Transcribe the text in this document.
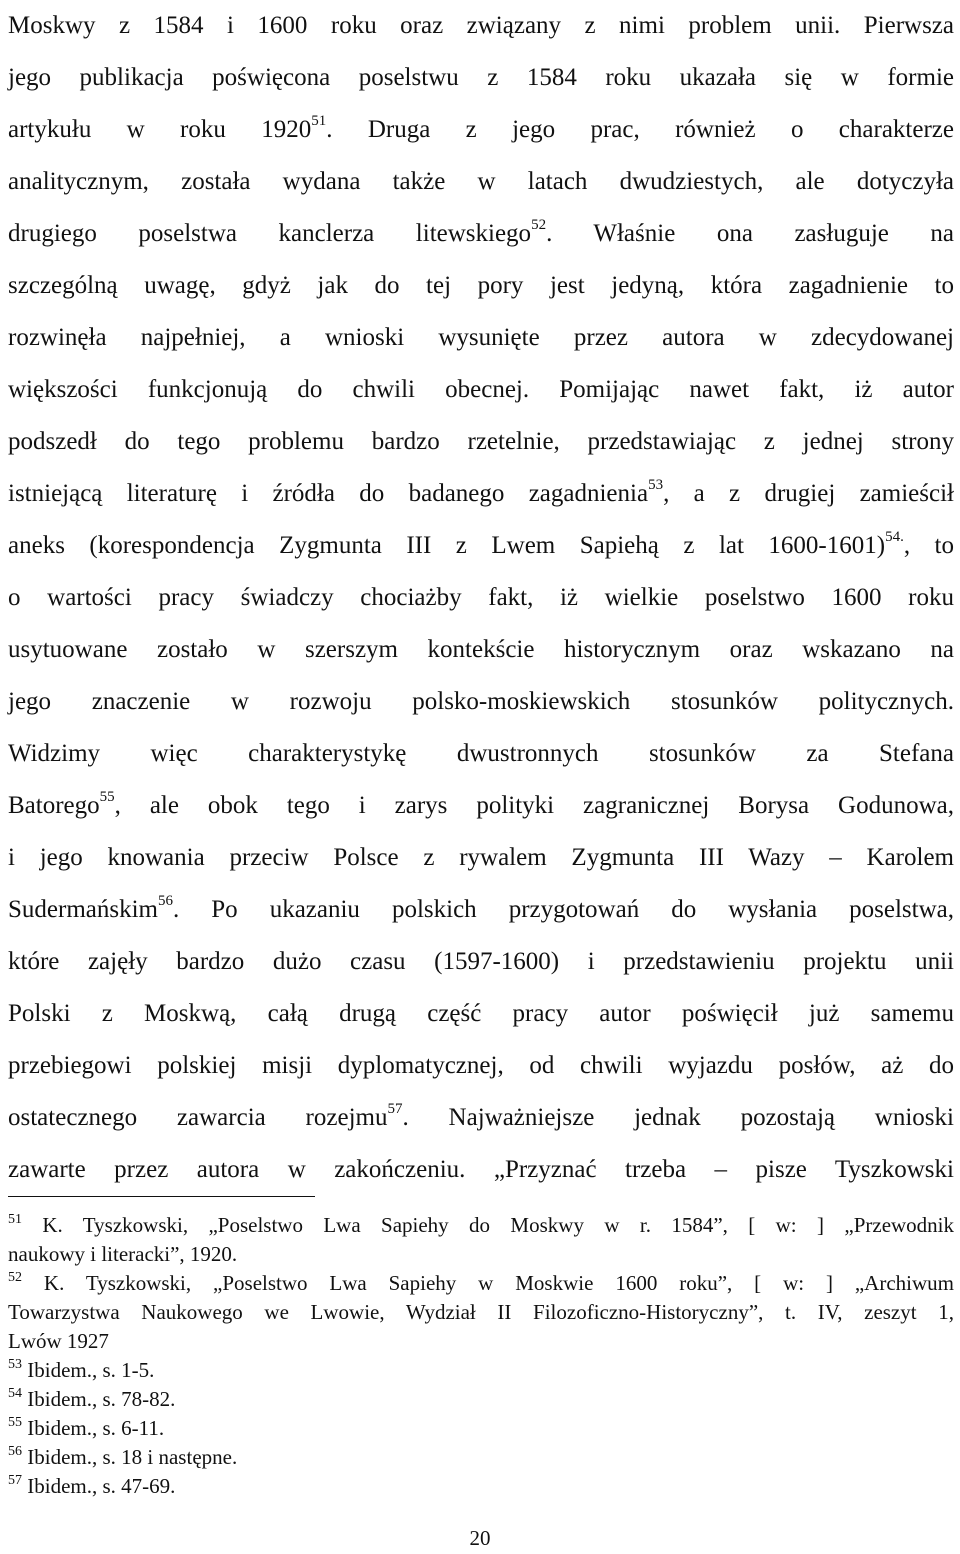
Moskwy z 1584 i 1600 roku oraz związany z nimi problem unii. Pierwsza
jego publikacja poświęcona poselstwu z 1584 roku ukazała się w formie
artykułu w roku 1920$^{51}$. Druga z jego prac, również o charakterze
analitycznym, została wydana także w latach dwudziestych, ale dotyczyła
drugiego poselstwa kanclerza litewskiego$^{52}$. Właśnie ona zasługuje na
szczególną uwagę, gdyż jak do tej pory jest jedyną, która zagadnienie to
rozwinęła najpełniej, a wnioski wysunięte przez autora w zdecydowanej
większości funkcjonują do chwili obecnej. Pomijając nawet fakt, iż autor
podszedł do tego problemu bardzo rzetelnie, przedstawiając z jednej strony
istniejącą literaturę i źródła do badanego zagadnienia$^{53}$, a z drugiej zamieścił
aneks (korespondencja Zygmunta III z Lwem Sapiehą z lat 1600-1601)$^{54.}$, to
o wartości pracy świadczy chociażby fakt, iż wielkie poselstwo 1600 roku
usytuowane zostało w szerszym kontekście historycznym oraz wskazano na
jego znaczenie w rozwoju polsko-moskiewskich stosunków politycznych.
Widzimy więc charakterystykę dwustronnych stosunków za Stefana
Batorego$^{55}$, ale obok tego i zarys polityki zagranicznej Borysa Godunowa,
i jego knowania przeciw Polsce z rywalem Zygmunta III Wazy – Karolem
Sudermańskim$^{56}$. Po ukazaniu polskich przygotowań do wysłania poselstwa,
które zajęły bardzo dużo czasu (1597-1600) i przedstawieniu projektu unii
Polski z Moskwą, całą drugą część pracy autor poświęcił już samemu
przebiegowi polskiej misji dyplomatycznej, od chwili wyjazdu posłów, aż do
ostatecznego zawarcia rozejmu$^{57}$. Najważniejsze jednak pozostają wnioski
zawarte przez autora w zakończeniu. „Przyznać trzeba – pisze Tyszkowski
$^{51}$ K. Tyszkowski, „Poselstwo Lwa Sapiehy do Moskwy w r. 1584”, [ w: ] „Przewodnik
naukowy i literacki”, 1920.
$^{52}$ K. Tyszkowski, „Poselstwo Lwa Sapiehy w Moskwie 1600 roku”, [ w: ] „Archiwum
Towarzystwa Naukowego we Lwowie, Wydział II Filozoficzno-Historyczny”, t. IV, zeszyt 1,
Lwów 1927
$^{53}$ Ibidem., s. 1-5.
$^{54}$ Ibidem., s. 78-82.
$^{55}$ Ibidem., s. 6-11.
$^{56}$ Ibidem., s. 18 i następne.
$^{57}$ Ibidem., s. 47-69.
20
